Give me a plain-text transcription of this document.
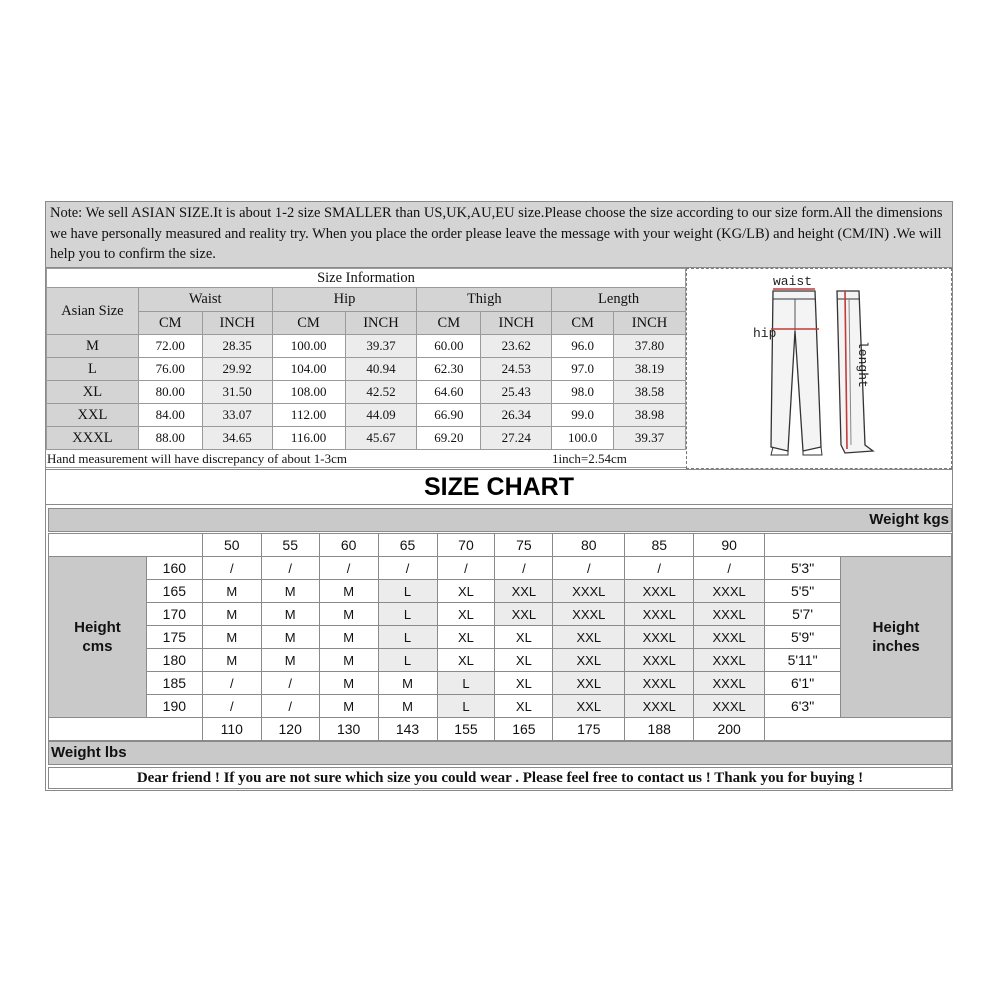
Note: We sell ASIAN SIZE.It is about 1-2 size SMALLER than US,UK,AU,EU size.Please choose the size according to our size form.All the dimensions we have personally measured and reality try. When you place the order please leave the message with your weight (KG/LB) and height (CM/IN) .We will help you to confirm the size.
Size Information								
Asian Size	Waist		Hip		Thigh		Length	
	CM	INCH	CM	INCH	CM	INCH	CM	INCH
M	72.00	28.35	100.00	39.37	60.00	23.62	96.0	37.80
L	76.00	29.92	104.00	40.94	62.30	24.53	97.0	38.19
XL	80.00	31.50	108.00	42.52	64.60	25.43	98.0	38.58
XXL	84.00	33.07	112.00	44.09	66.90	26.34	99.0	38.98
XXXL	88.00	34.65	116.00	45.67	69.20	27.24	100.0	39.37
Hand measurement will have discrepancy of about 1-3cm	1inch=2.54cm
waist
hip
lenght
SIZE CHART
Weight kgs
		50	55	60	65	70	75	80	85	90		
Height
cms	160	/	/	/	/	/	/	/	/	/	5'3"	Height
inches
	165	M	M	M	L	XL	XXL	XXXL	XXXL	XXXL	5'5"	
	170	M	M	M	L	XL	XXL	XXXL	XXXL	XXXL	5'7'	
	175	M	M	M	L	XL	XL	XXL	XXXL	XXXL	5'9"	
	180	M	M	M	L	XL	XL	XXL	XXXL	XXXL	5'11"	
	185	/	/	M	M	L	XL	XXL	XXXL	XXXL	6'1"	
	190	/	/	M	M	L	XL	XXL	XXXL	XXXL	6'3"	
		110	120	130	143	155	165	175	188	200		
Weight lbs
Dear friend ! If you are not sure which size you could wear . Please feel free to contact us ! Thank you for buying !
